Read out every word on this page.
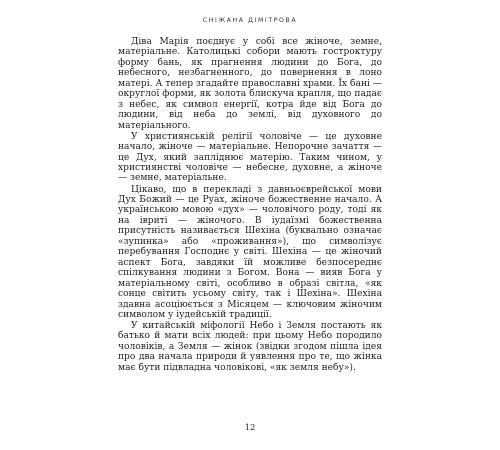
СНІЖАНА ДІМІТРОВА

Діва Марія поєднує у собі все жіноче, земне, матеріальне. Католицькі собори мають гостроктуру форму бань, як прагнення людини до Бога, до небесного, незбагненного, до повернення в лоно матері. А тепер згадайте православні храми. Їх бані — округлої форми, як золота блискуча крапля, що падає з небес, як символ енергії, котра йде від Бога до людини, від неба до землі, від духовного до матеріального.

У християнській релігії чоловіче — це духовне начало, жіноче — матеріальне. Непорочне зачаття — це Дух, який запліднює матерію. Таким чином, у християнстві чоловіче — небесне, духовне, а жіноче — земне, матеріальне.

Цікаво, що в перекладі з давньоєврейської мови Дух Божий — це Руах, жіноче божественне начало. А українською мовою «дух» — чоловічого роду, тоді як на івриті — жіночого. В іудаїзмі божественна присутність називається Шехіна (буквально означає «зупинка» або «проживання»), що символізує перебування Господнє у світі. Шехіна — це жіночий аспект Бога, завдяки їй можливе безпосереднє спілкування людини з Богом. Вона — вияв Бога у матеріальному світі, особливо в образі світла, «як сонце світить усьому світу, так і Шехіна». Шехіна здавна асоціюється з Місяцем — ключовим жіночим символом у іудейській традиції.

У китайській міфології Небо і Земля постають як батько й мати всіх людей: при цьому Небо породило чоловіків, а Земля — жінок (звідки згодом пішла ідея про два начала природи й уявлення про те, що жінка має бути підвладна чоловікові, «як земля небу»).

12
